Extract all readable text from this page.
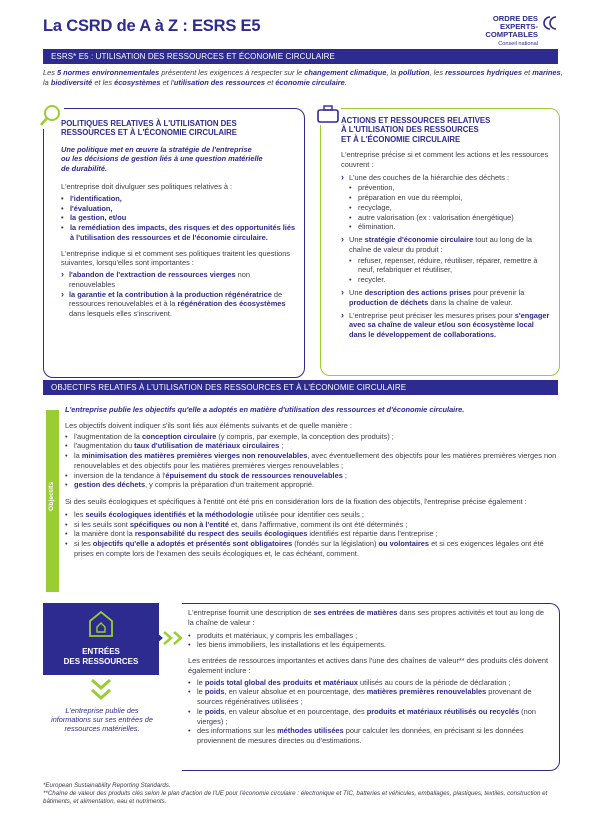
La CSRD de A à Z : ESRS E5	ORDRE DES
EXPERTS-COMPTABLES
Conseil national
ESRS* E5 : UTILISATION DES RESSOURCES ET ÉCONOMIE CIRCULAIRE
Les 5 normes environnementales présentent les exigences à respecter sur le changement climatique, la pollution, les ressources hydriques et marines, la biodiversité et les écosystèmes et l'utilisation des ressources et économie circulaire.
POLITIQUES RELATIVES À L'UTILISATION DES
RESSOURCES ET À L'ÉCONOMIE CIRCULAIRE
Une politique met en œuvre la stratégie de l'entreprise
ou les décisions de gestion liés à une question matérielle
de durabilité.
L'entreprise doit divulguer ses politiques relatives à :
• l'identification,
• l'évaluation,
• la gestion, et/ou
• la remédiation des impacts, des risques et des opportunités liés à l'utilisation des ressources et de l'économie circulaire.
L'entreprise indique si et comment ses politiques traitent les questions suivantes, lorsqu'elles sont importantes :
› l'abandon de l'extraction de ressources vierges non renouvelables
› la garantie et la contribution à la production régénératrice de ressources renouvelables et à la régénération des écosystèmes dans lesquels elles s'inscrivent.
ACTIONS ET RESSOURCES RELATIVES
À L'UTILISATION DES RESSOURCES
ET À L'ÉCONOMIE CIRCULAIRE
L'entreprise précise si et comment les actions et les ressources couvrent :
› L'une des couches de la hiérarchie des déchets :
• prévention,
• préparation en vue du réemploi,
• recyclage,
• autre valorisation (ex : valorisation énergétique)
• élimination.
› Une stratégie d'économie circulaire tout au long de la chaîne de valeur du produit :
• refuser, repenser, réduire, réutiliser, réparer, remettre à neuf, refabriquer et réutiliser,
• recycler.
› Une description des actions prises pour prévenir la production de déchets dans la chaîne de valeur.
› L'entreprise peut préciser les mesures prises pour s'engager avec sa chaîne de valeur et/ou son écosystème local dans le développement de collaborations.
OBJECTIFS RELATIFS À L'UTILISATION DES RESSOURCES ET À L'ÉCONOMIE CIRCULAIRE
Objectifs
L'entreprise publie les objectifs qu'elle a adoptés en matière d'utilisation des ressources et d'économie circulaire.
Les objectifs doivent indiquer s'ils sont liés aux éléments suivants et de quelle manière :
• l'augmentation de la conception circulaire (y compris, par exemple, la conception des produits) ;
• l'augmentation du taux d'utilisation de matériaux circulaires ;
• la minimisation des matières premières vierges non renouvelables, avec éventuellement des objectifs pour les matières premières vierges non renouvelables et des objectifs pour les matières premières vierges renouvelables ;
• inversion de la tendance à l'épuisement du stock de ressources renouvelables ;
• gestion des déchets, y compris la préparation d'un traitement approprié.
Si des seuils écologiques et spécifiques à l'entité ont été pris en considération lors de la fixation des objectifs, l'entreprise précise également :
• les seuils écologiques identifiés et la méthodologie utilisée pour identifier ces seuils ;
• si les seuils sont spécifiques ou non à l'entité et, dans l'affirmative, comment ils ont été déterminés ;
• la manière dont la responsabilité du respect des seuils écologiques identifiés est répartie dans l'entreprise ;
• si les objectifs qu'elle a adoptés et présentés sont obligatoires (fondés sur la législation) ou volontaires et si ces exigences légales ont été prises en compte lors de l'examen des seuils écologiques et, le cas échéant, comment.
ENTRÉES
DES RESSOURCES
L'entreprise publie des informations sur ses entrées de ressources matérielles.
L'entreprise fournit une description de ses entrées de matières dans ses propres activités et tout au long de la chaîne de valeur :
• produits et matériaux, y compris les emballages ;
• les biens immobiliers, les installations et les équipements.
Les entrées de ressources importantes et actives dans l'une des chaînes de valeur** des produits clés doivent également inclure :
• le poids total global des produits et matériaux utilisés au cours de la période de déclaration ;
• le poids, en valeur absolue et en pourcentage, des matières premières renouvelables provenant de sources régénératives utilisées ;
• le poids, en valeur absolue et en pourcentage, des produits et matériaux réutilisés ou recyclés (non vierges) ;
• des informations sur les méthodes utilisées pour calculer les données, en précisant si les données proviennent de mesures directes ou d'estimations.
*European Sustainability Reporting Standards.
**Chaîne de valeur des produits clés selon le plan d'action de l'UE pour l'économie circulaire : électronique et TIC, batteries et véhicules, emballages, plastiques, textiles, construction et bâtiments, et alimentation, eau et nutriments.
